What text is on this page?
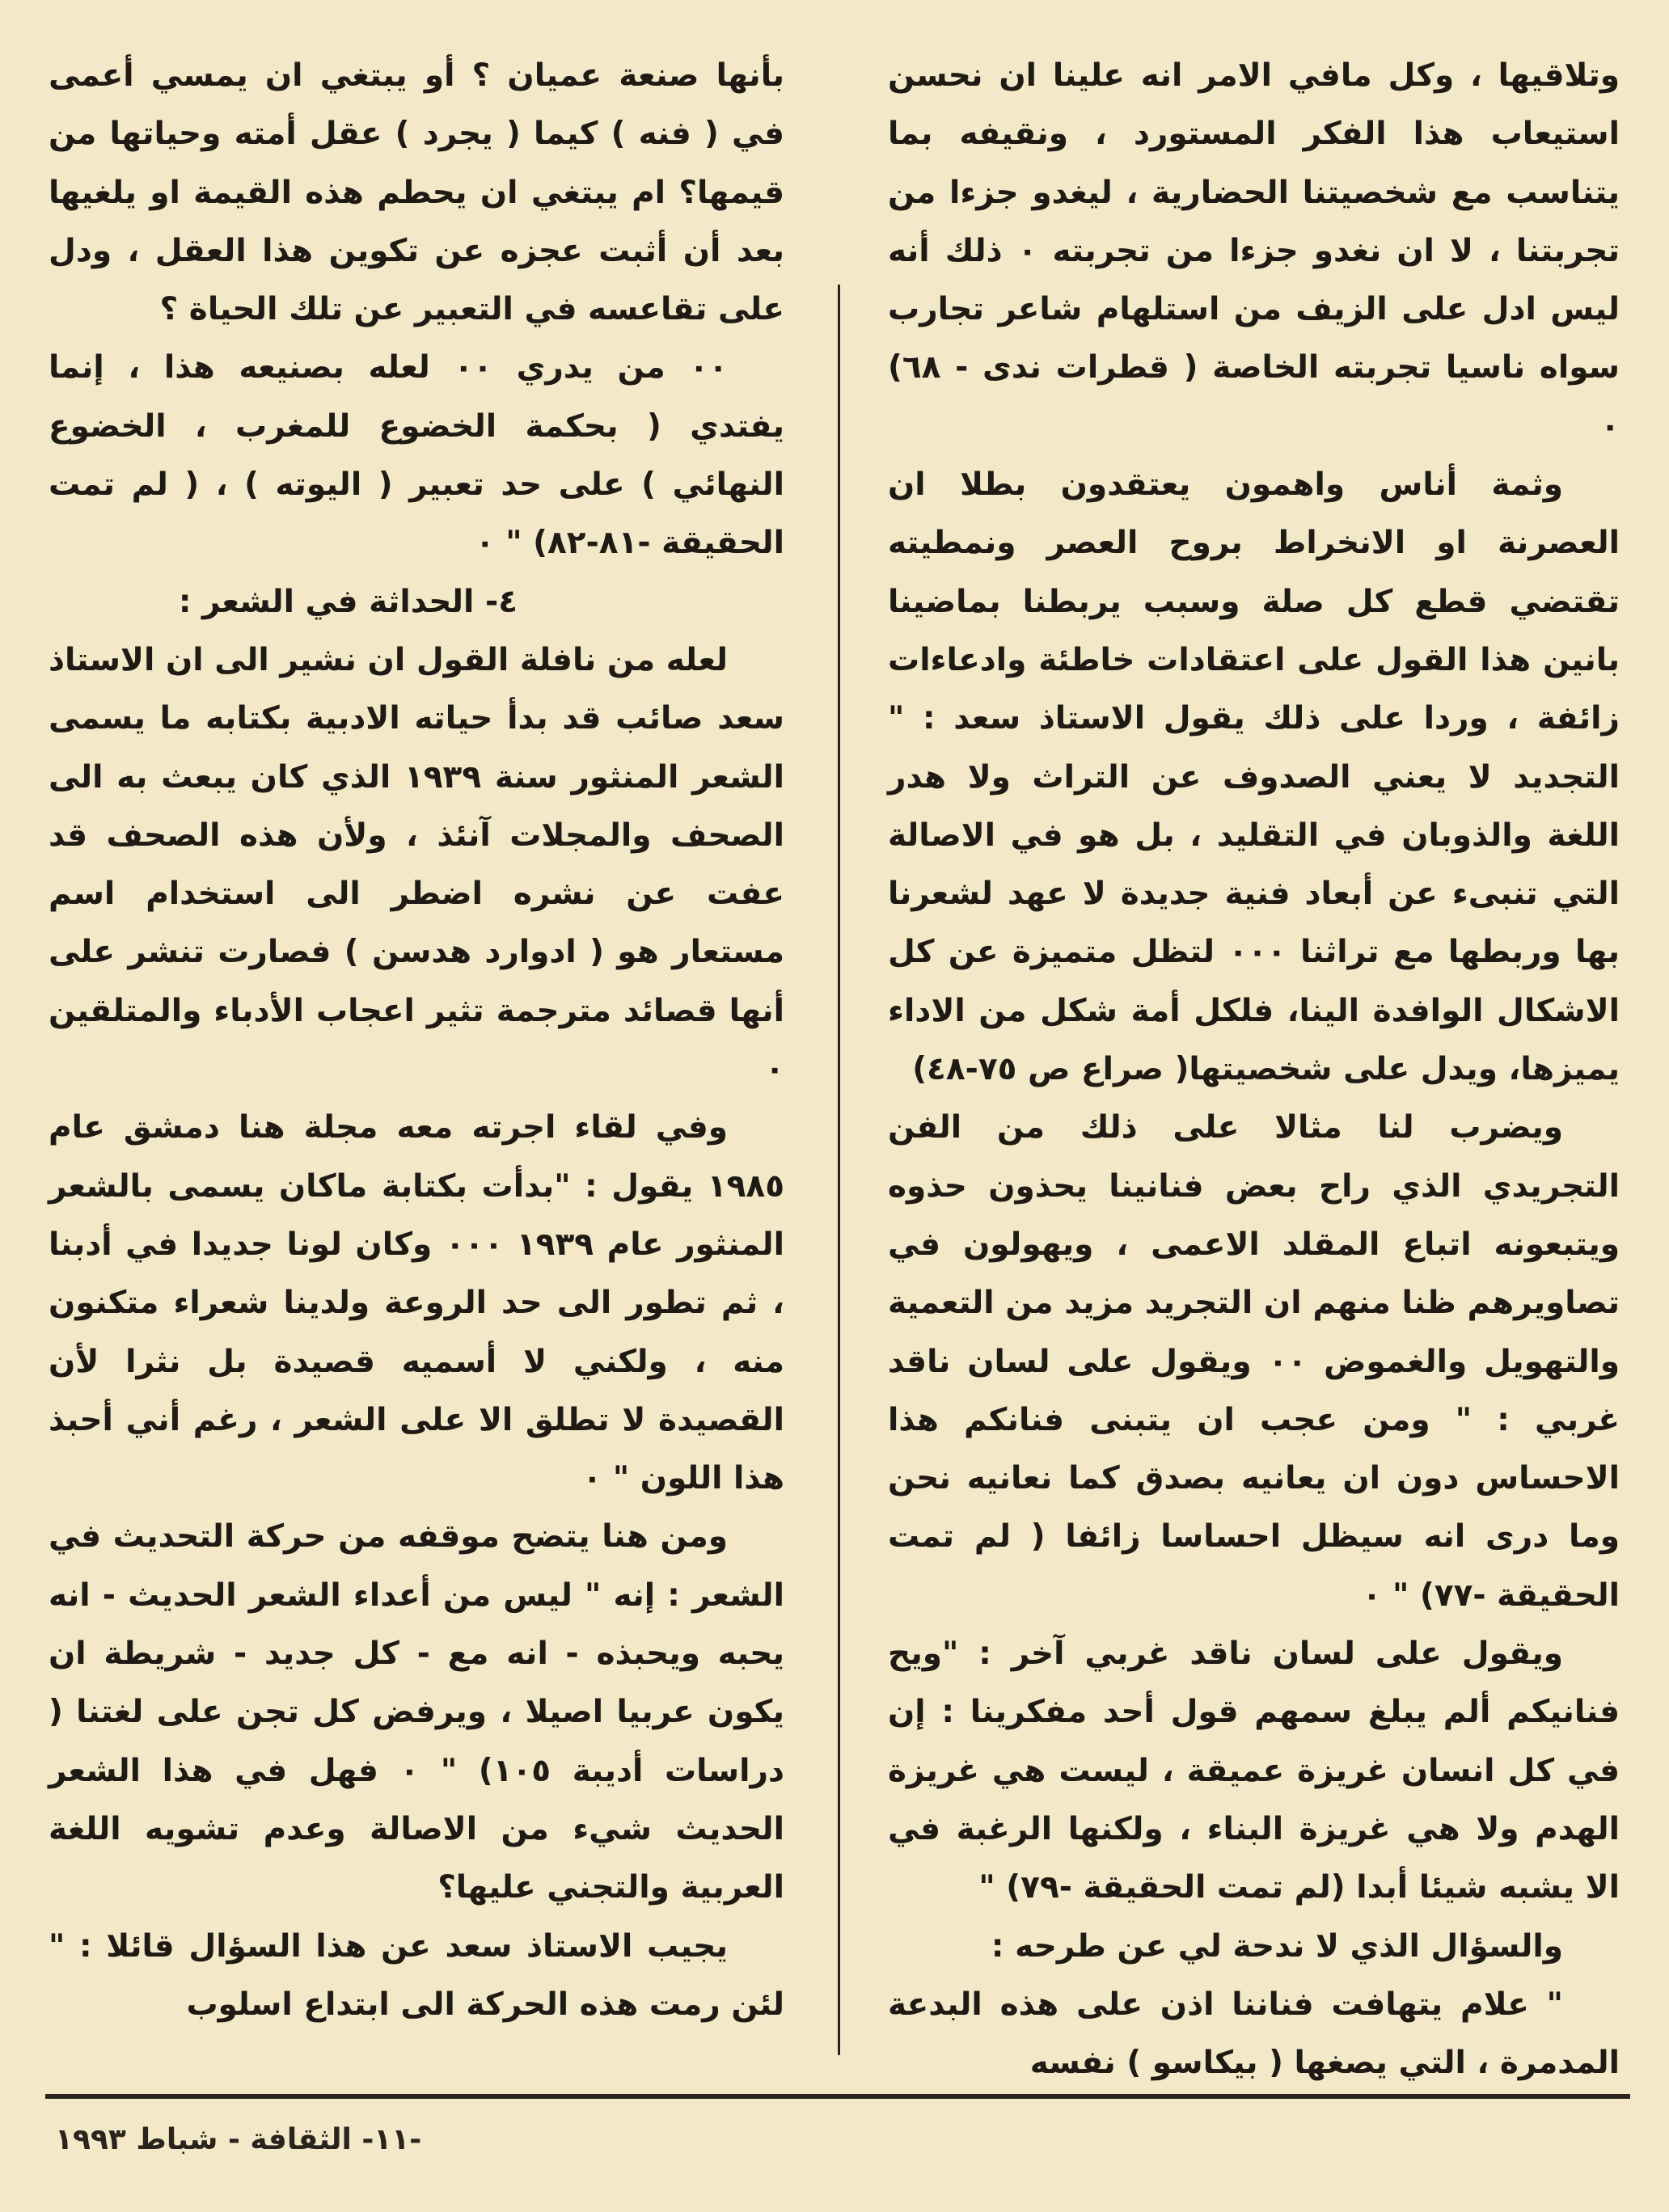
وتلاقيها ، وكل مافي الامر انه علينا ان نحسن استيعاب هذا الفكر المستورد ، ونقيفه بما يتناسب مع شخصيتنا الحضارية ، ليغدو جزءا من تجربتنا ، لا ان نغدو جزءا من تجربته ٠ ذلك أنه ليس ادل على الزيف من استلهام شاعر تجارب سواه ناسيا تجربته الخاصة ( قطرات ندى - ٦٨) ٠

وثمة أناس واهمون يعتقدون بطلا ان العصرنة او الانخراط بروح العصر ونمطيته تقتضي قطع كل صلة وسبب يربطنا بماضينا بانين هذا القول على اعتقادات خاطئة وادعاءات زائفة ، وردا على ذلك يقول الاستاذ سعد : " التجديد لا يعني الصدوف عن التراث ولا هدر اللغة والذوبان في التقليد ، بل هو في الاصالة التي تنبىء عن أبعاد فنية جديدة لا عهد لشعرنا بها وربطها مع تراثنا ٠٠٠ لتظل متميزة عن كل الاشكال الوافدة الينا، فلكل أمة شكل من الاداء يميزها، ويدل على شخصيتها( صراع ص ٧٥-٤٨)

ويضرب لنا مثالا على ذلك من الفن التجريدي الذي راح بعض فنانينا يحذون حذوه ويتبعونه اتباع المقلد الاعمى ، ويهولون في تصاويرهم ظنا منهم ان التجريد مزيد من التعمية والتهويل والغموض ٠٠ ويقول على لسان ناقد غربي : " ومن عجب ان يتبنى فنانكم هذا الاحساس دون ان يعانيه بصدق كما نعانيه نحن وما درى انه سيظل احساسا زائفا ( لم تمت الحقيقة -٧٧) " ٠

ويقول على لسان ناقد غربي آخر : "ويح فنانيكم ألم يبلغ سمهم قول أحد مفكرينا : إن في كل انسان غريزة عميقة ، ليست هي غريزة الهدم ولا هي غريزة البناء ، ولكنها الرغبة في الا يشبه شيئا أبدا (لم تمت الحقيقة -٧٩) "

والسؤال الذي لا ندحة لي عن طرحه :

" علام يتهافت فناننا اذن على هذه البدعة المدمرة ، التي يصغها ( بيكاسو ) نفسه

بأنها صنعة عميان ؟ أو يبتغي ان يمسي أعمى في ( فنه ) كيما ( يجرد ) عقل أمته وحياتها من قيمها؟ ام يبتغي ان يحطم هذه القيمة او يلغيها بعد أن أثبت عجزه عن تكوين هذا العقل ، ودل على تقاعسه في التعبير عن تلك الحياة ؟

٠٠ من يدري ٠٠ لعله بصنيعه هذا ، إنما يفتدي ( بحكمة الخضوع للمغرب ، الخضوع النهائي ) على حد تعبير ( اليوته ) ، ( لم تمت الحقيقة -٨١-٨٢) " ٠

٤- الحداثة في الشعر :

لعله من نافلة القول ان نشير الى ان الاستاذ سعد صائب قد بدأ حياته الادبية بكتابه ما يسمى الشعر المنثور سنة ١٩٣٩ الذي كان يبعث به الى الصحف والمجلات آنئذ ، ولأن هذه الصحف قد عفت عن نشره اضطر الى استخدام اسم مستعار هو ( ادوارد هدسن ) فصارت تنشر على أنها قصائد مترجمة تثير اعجاب الأدباء والمتلقين ٠

وفي لقاء اجرته معه مجلة هنا دمشق عام ١٩٨٥ يقول : "بدأت بكتابة ماكان يسمى بالشعر المنثور عام ١٩٣٩ ٠٠٠ وكان لونا جديدا في أدبنا ، ثم تطور الى حد الروعة ولدينا شعراء متكنون منه ، ولكني لا أسميه قصيدة بل نثرا لأن القصيدة لا تطلق الا على الشعر ، رغم أني أحبذ هذا اللون " ٠

ومن هنا يتضح موقفه من حركة التحديث في الشعر : إنه " ليس من أعداء الشعر الحديث - انه يحبه ويحبذه - انه مع - كل جديد - شريطة ان يكون عربيا اصيلا ، ويرفض كل تجن على لغتنا ( دراسات أديبة ١٠٥) " ٠ فهل في هذا الشعر الحديث شيء من الاصالة وعدم تشويه اللغة العربية والتجني عليها؟

يجيب الاستاذ سعد عن هذا السؤال قائلا : " لئن رمت هذه الحركة الى ابتداع اسلوب

-١١- الثقافة - شباط ١٩٩٣
